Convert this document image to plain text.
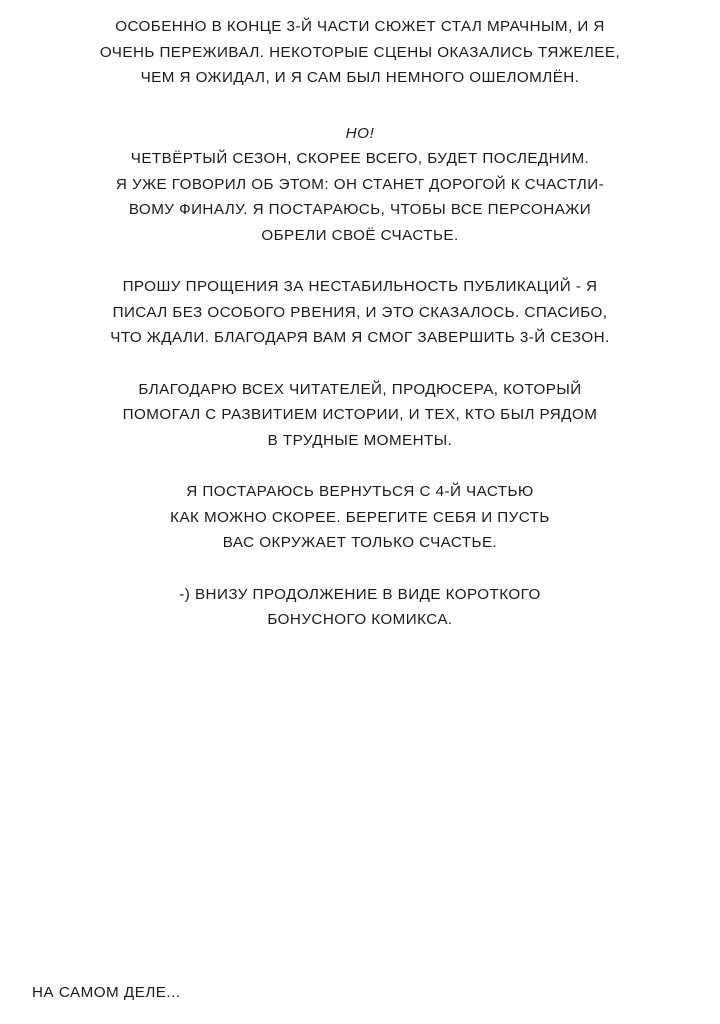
ОСОБЕННО В КОНЦЕ 3-Й ЧАСТИ СЮЖЕТ СТАЛ МРАЧНЫМ, И Я

ОЧЕНЬ ПЕРЕЖИВАЛ. НЕКОТОРЫЕ СЦЕНЫ ОКАЗАЛИСЬ ТЯЖЕЛЕЕ,

ЧЕМ Я ОЖИДАЛ, И Я САМ БЫЛ НЕМНОГО ОШЕЛОМЛЁН.

НО!

ЧЕТВЁРТЫЙ СЕЗОН, СКОРЕЕ ВСЕГО, БУДЕТ ПОСЛЕДНИМ.

Я УЖЕ ГОВОРИЛ ОБ ЭТОМ: ОН СТАНЕТ ДОРОГОЙ К СЧАСТЛИ-

ВОМУ ФИНАЛУ. Я ПОСТАРАЮСЬ, ЧТОБЫ ВСЕ ПЕРСОНАЖИ

ОБРЕЛИ СВОЁ СЧАСТЬЕ.

ПРОШУ ПРОЩЕНИЯ ЗА НЕСТАБИЛЬНОСТЬ ПУБЛИКАЦИЙ - Я

ПИСАЛ БЕЗ ОСОБОГО РВЕНИЯ, И ЭТО СКАЗАЛОСЬ. СПАСИБО,

ЧТО ЖДАЛИ. БЛАГОДАРЯ ВАМ Я СМОГ ЗАВЕРШИТЬ 3-Й СЕЗОН.

БЛАГОДАРЮ ВСЕХ ЧИТАТЕЛЕЙ, ПРОДЮСЕРА, КОТОРЫЙ

ПОМОГАЛ С РАЗВИТИЕМ ИСТОРИИ, И ТЕХ, КТО БЫЛ РЯДОМ

В ТРУДНЫЕ МОМЕНТЫ.

Я ПОСТАРАЮСЬ ВЕРНУТЬСЯ С 4-Й ЧАСТЬЮ

КАК МОЖНО СКОРЕЕ. БЕРЕГИТЕ СЕБЯ И ПУСТЬ

ВАС ОКРУЖАЕТ ТОЛЬКО СЧАСТЬЕ.

-) ВНИЗУ ПРОДОЛЖЕНИЕ В ВИДЕ КОРОТКОГО

БОНУСНОГО КОМИКСА.

НА САМОМ ДЕЛЕ...
